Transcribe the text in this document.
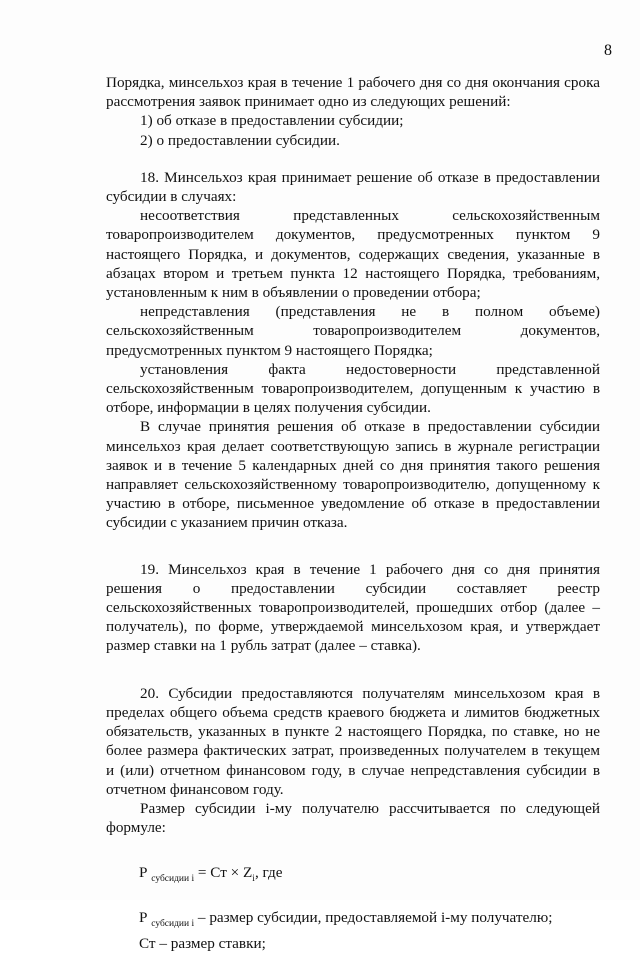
8

Порядка, минсельхоз края в течение 1 рабочего дня со дня окончания срока рассмотрения заявок принимает одно из следующих решений:

1) об отказе в предоставлении субсидии;

2) о предоставлении субсидии.

18. Минсельхоз края принимает решение об отказе в предоставлении субсидии в случаях:

несоответствия представленных сельскохозяйственным товаропроизводителем документов, предусмотренных пунктом 9 настоящего Порядка, и документов, содержащих сведения, указанные в абзацах втором и третьем пункта 12 настоящего Порядка, требованиям, установленным к ним в объявлении о проведении отбора;

непредставления (представления не в полном объеме) сельскохозяйственным товаропроизводителем документов, предусмотренных пунктом 9 настоящего Порядка;

установления факта недостоверности представленной сельскохозяйственным товаропроизводителем, допущенным к участию в отборе, информации в целях получения субсидии.

В случае принятия решения об отказе в предоставлении субсидии минсельхоз края делает соответствующую запись в журнале регистрации заявок и в течение 5 календарных дней со дня принятия такого решения направляет сельскохозяйственному товаропроизводителю, допущенному к участию в отборе, письменное уведомление об отказе в предоставлении субсидии с указанием причин отказа.

19. Минсельхоз края в течение 1 рабочего дня со дня принятия решения о предоставлении субсидии составляет реестр сельскохозяйственных товаропроизводителей, прошедших отбор (далее – получатель), по форме, утверждаемой минсельхозом края, и утверждает размер ставки на 1 рубль затрат (далее – ставка).

20. Субсидии предоставляются получателям минсельхозом края в пределах общего объема средств краевого бюджета и лимитов бюджетных обязательств, указанных в пункте 2 настоящего Порядка, по ставке, но не более размера фактических затрат, произведенных получателем в текущем и (или) отчетном финансовом году, в случае непредставления субсидии в отчетном финансовом году.

Размер субсидии i-му получателю рассчитывается по следующей формуле:

Р $_{субсидии i}$ = Ст × $Z_i$, где

Р $_{субсидии i}$ – размер субсидии, предоставляемой i-му получателю;

Ст – размер ставки;
